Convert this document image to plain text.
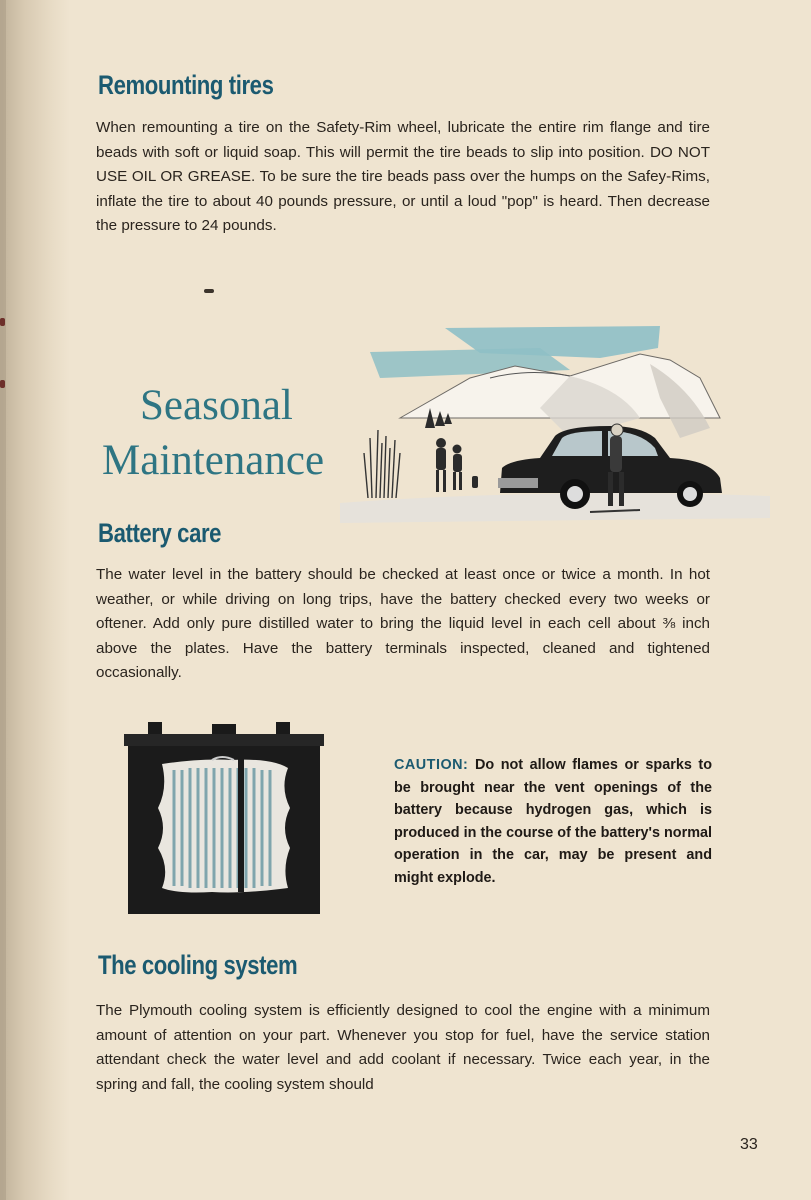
Remounting tires

When remounting a tire on the Safety-Rim wheel, lubricate the entire rim flange and tire beads with soft or liquid soap. This will permit the tire beads to slip into position. DO NOT USE OIL OR GREASE. To be sure the tire beads pass over the humps on the Safey-Rims, inflate the tire to about 40 pounds pressure, or until a loud "pop" is heard. Then decrease the pressure to 24 pounds.

Seasonal
Maintenance
Battery care

The water level in the battery should be checked at least once or twice a month. In hot weather, or while driving on long trips, have the battery checked every two weeks or oftener. Add only pure distilled water to bring the liquid level in each cell about ⅜ inch above the plates. Have the battery terminals inspected, cleaned and tightened occasionally.

CAUTION: Do not allow flames or sparks to be brought near the vent openings of the battery because hydrogen gas, which is produced in the course of the battery's normal operation in the car, may be present and might explode.

The cooling system

The Plymouth cooling system is efficiently designed to cool the engine with a minimum amount of attention on your part. Whenever you stop for fuel, have the service station attendant check the water level and add coolant if necessary. Twice each year, in the spring and fall, the cooling system should

33
